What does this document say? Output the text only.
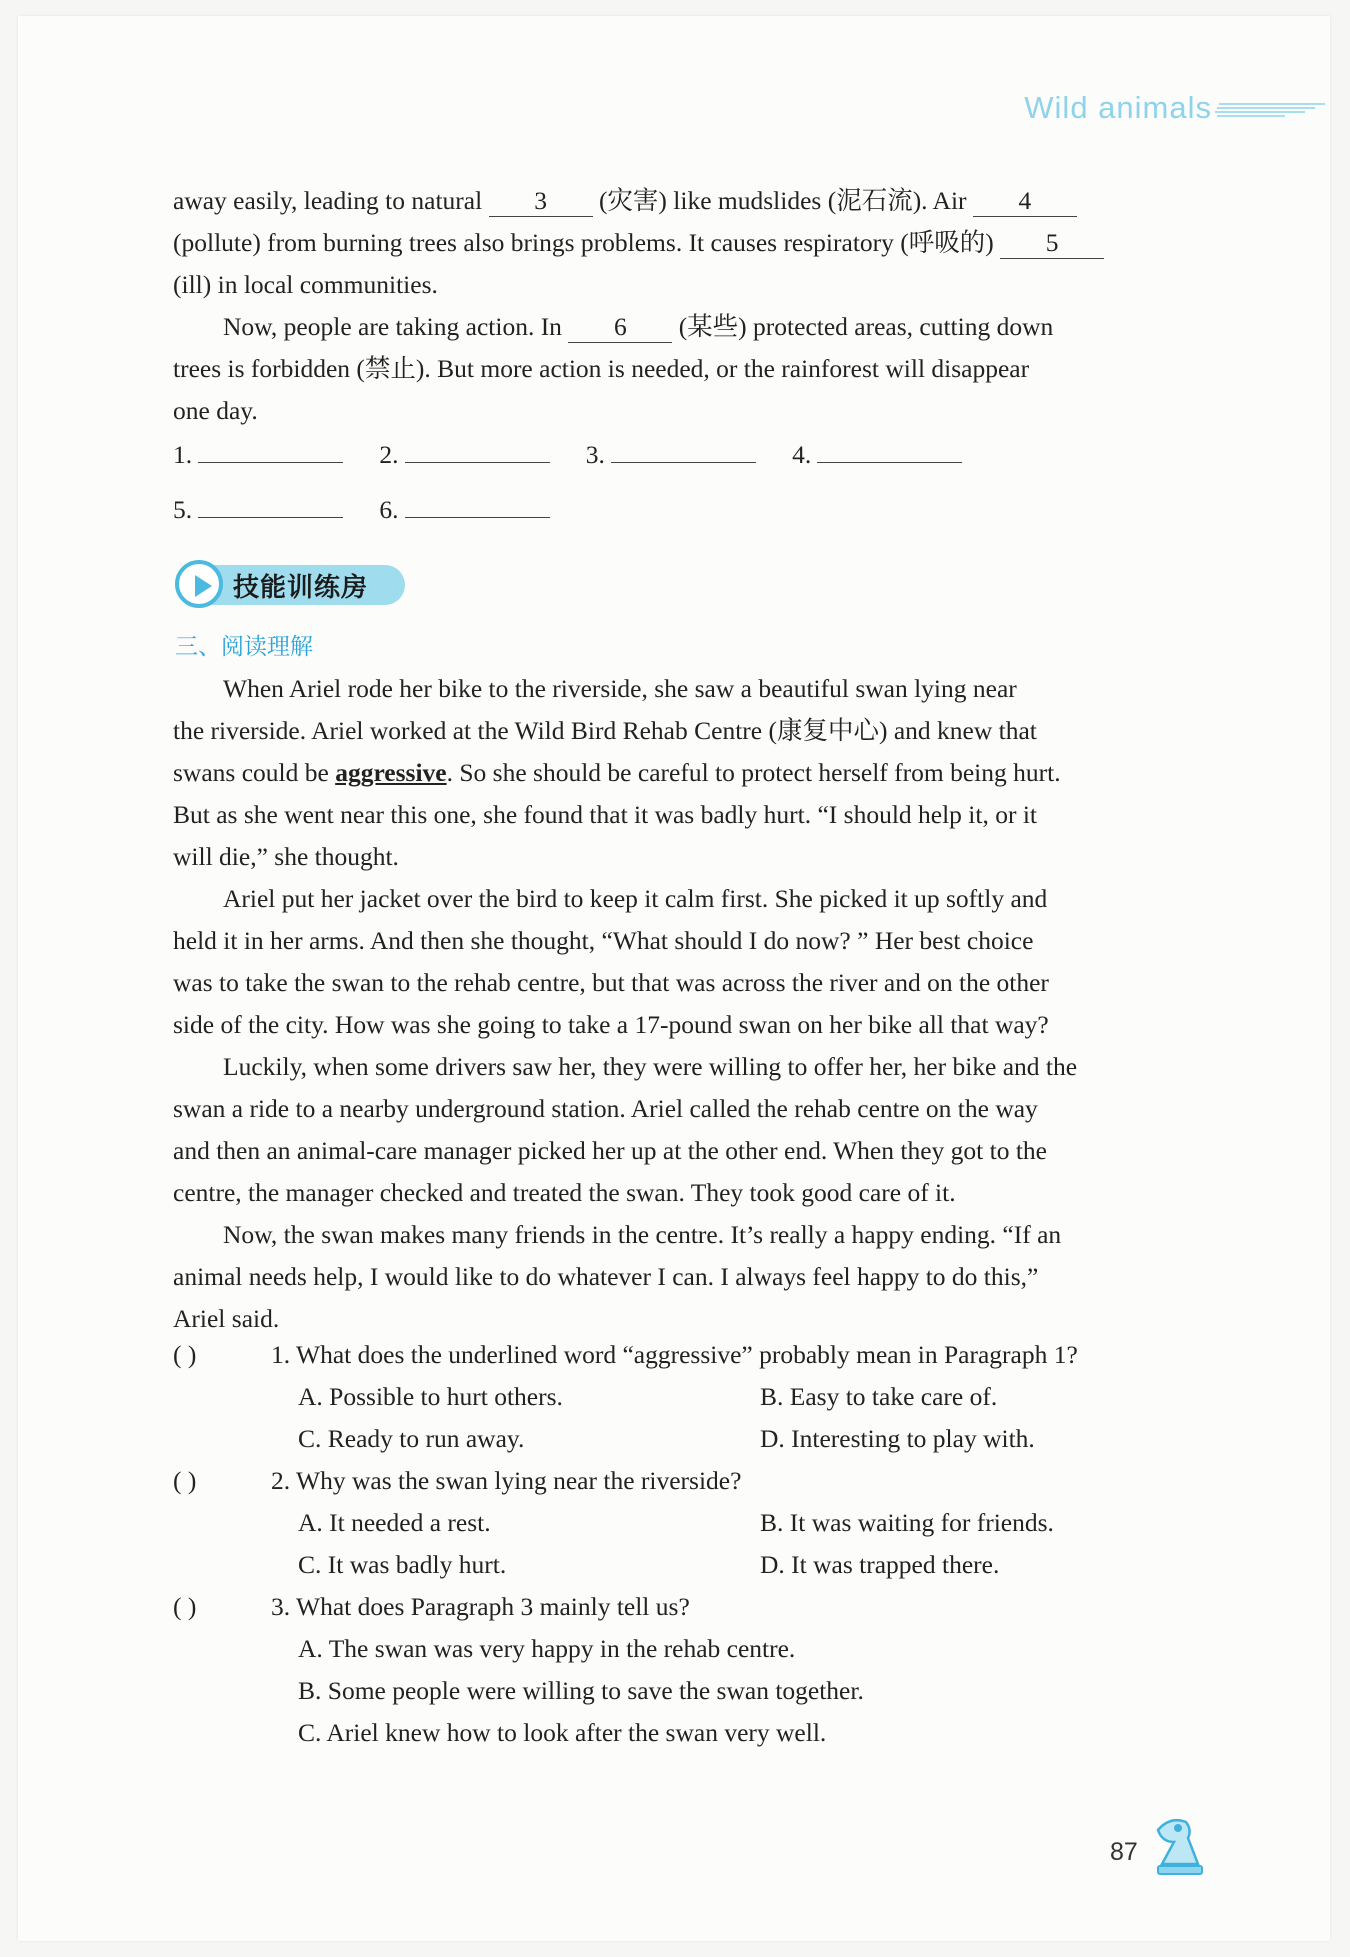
Wild animals
away easily, leading to natural 3 (灾害) like mudslides (泥石流). Air 4
(pollute) from burning trees also brings problems. It causes respiratory (呼吸的) 5
(ill) in local communities.
Now, people are taking action. In 6 (某些) protected areas, cutting down
trees is forbidden (禁止). But more action is needed, or the rainforest will disappear
one day.
1.	2.	3.	4.
5.	6.
技能训练房
三、阅读理解
When Ariel rode her bike to the riverside, she saw a beautiful swan lying near
the riverside. Ariel worked at the Wild Bird Rehab Centre (康复中心) and knew that
swans could be aggressive. So she should be careful to protect herself from being hurt.
But as she went near this one, she found that it was badly hurt. “I should help it, or it
will die,” she thought.
Ariel put her jacket over the bird to keep it calm first. She picked it up softly and
held it in her arms. And then she thought, “What should I do now? ” Her best choice
was to take the swan to the rehab centre, but that was across the river and on the other
side of the city. How was she going to take a 17-pound swan on her bike all that way?
Luckily, when some drivers saw her, they were willing to offer her, her bike and the
swan a ride to a nearby underground station. Ariel called the rehab centre on the way
and then an animal-care manager picked her up at the other end. When they got to the
centre, the manager checked and treated the swan. They took good care of it.
Now, the swan makes many friends in the centre. It’s really a happy ending. “If an
animal needs help, I would like to do whatever I can. I always feel happy to do this,”
Ariel said.
( )	1. What does the underlined word “aggressive” probably mean in Paragraph 1?
A. Possible to hurt others.	B. Easy to take care of.
C. Ready to run away.	D. Interesting to play with.
( )	2. Why was the swan lying near the riverside?
A. It needed a rest.	B. It was waiting for friends.
C. It was badly hurt.	D. It was trapped there.
( )	3. What does Paragraph 3 mainly tell us?
A. The swan was very happy in the rehab centre.
B. Some people were willing to save the swan together.
C. Ariel knew how to look after the swan very well.
87
